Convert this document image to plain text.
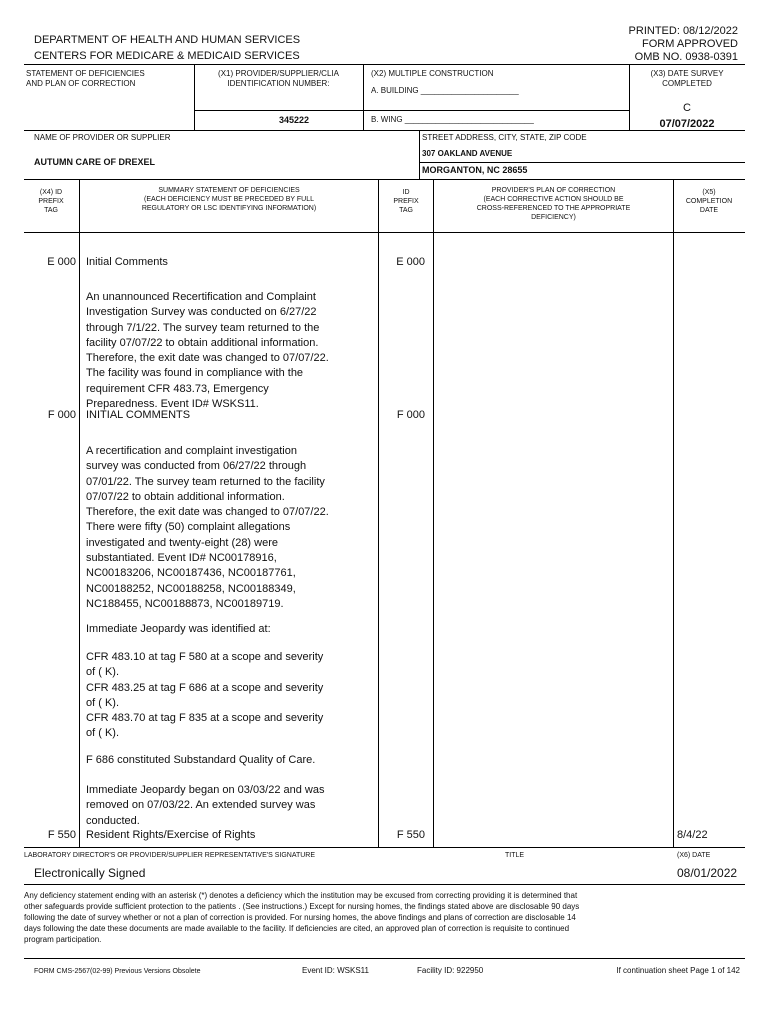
DEPARTMENT OF HEALTH AND HUMAN SERVICES
CENTERS FOR MEDICARE & MEDICAID SERVICES
PRINTED: 08/12/2022
FORM APPROVED
OMB NO. 0938-0391
STATEMENT OF DEFICIENCIES
AND PLAN OF CORRECTION
(X1) PROVIDER/SUPPLIER/CLIA
IDENTIFICATION NUMBER:
345222
(X2) MULTIPLE CONSTRUCTION
A. BUILDING ______________________
B. WING _____________________________
(X3) DATE SURVEY
COMPLETED
C
07/07/2022
NAME OF PROVIDER OR SUPPLIER
AUTUMN CARE OF DREXEL
STREET ADDRESS, CITY, STATE, ZIP CODE
307 OAKLAND AVENUE
MORGANTON, NC 28655
(X4) ID
PREFIX
TAG
SUMMARY STATEMENT OF DEFICIENCIES
(EACH DEFICIENCY MUST BE PRECEDED BY FULL
REGULATORY OR LSC IDENTIFYING INFORMATION)
ID
PREFIX
TAG
PROVIDER'S PLAN OF CORRECTION
(EACH CORRECTIVE ACTION SHOULD BE
CROSS-REFERENCED TO THE APPROPRIATE
DEFICIENCY)
(X5)
COMPLETION
DATE
E 000 Initial Comments	E 000
An unannounced Recertification and Complaint
Investigation Survey was conducted on 6/27/22
through 7/1/22. The survey team returned to the
facility 07/07/22 to obtain additional information.
Therefore, the exit date was changed to 07/07/22.
The facility was found in compliance with the
requirement CFR 483.73, Emergency
Preparedness. Event ID# WSKS11.
F 000 INITIAL COMMENTS	F 000
A recertification and complaint investigation
survey was conducted from 06/27/22 through
07/01/22. The survey team returned to the facility
07/07/22 to obtain additional information.
Therefore, the exit date was changed to 07/07/22.
There were fifty (50) complaint allegations
investigated and twenty-eight (28) were
substantiated. Event ID# NC00178916,
NC00183206, NC00187436, NC00187761,
NC00188252, NC00188258, NC00188349,
NC188455, NC00188873, NC00189719.
Immediate Jeopardy was identified at:
CFR 483.10 at tag F 580 at a scope and severity
of ( K).
CFR 483.25 at tag F 686 at a scope and severity
of ( K).
CFR 483.70 at tag F 835 at a scope and severity
of ( K).
F 686 constituted Substandard Quality of Care.
Immediate Jeopardy began on 03/03/22 and was
removed on 07/03/22. An extended survey was
conducted.
F 550 Resident Rights/Exercise of Rights	F 550	8/4/22
LABORATORY DIRECTOR'S OR PROVIDER/SUPPLIER REPRESENTATIVE'S SIGNATURE	TITLE	(X6) DATE
Electronically Signed	08/01/2022
Any deficiency statement ending with an asterisk (*) denotes a deficiency which the institution may be excused from correcting providing it is determined that
other safeguards provide sufficient protection to the patients . (See instructions.) Except for nursing homes, the findings stated above are disclosable 90 days
following the date of survey whether or not a plan of correction is provided. For nursing homes, the above findings and plans of correction are disclosable 14
days following the date these documents are made available to the facility. If deficiencies are cited, an approved plan of correction is requisite to continued
program participation.
FORM CMS-2567(02-99) Previous Versions Obsolete	Event ID: WSKS11	Facility ID: 922950	If continuation sheet Page 1 of 142
